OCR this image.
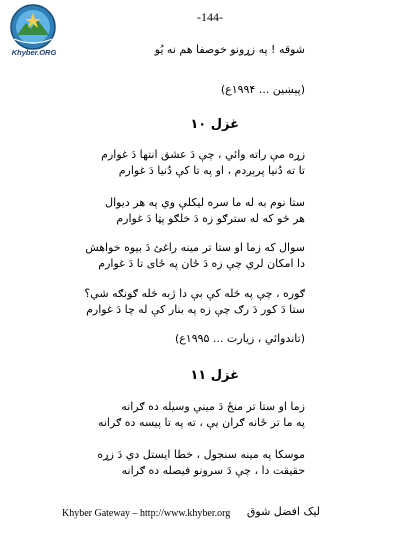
Khyber.ORG
-144-
شوقه ! په زړونو خوصفا هم نه یُو
(پېښين ... ۱۹۹۴ع)
غزل ۱۰
زړه مې راته وائي ، چې دَ عشق انتها دَ غوارم
تا ته دُنيا پرېږدم ، او په تا کې دُنيا دَ غوارم
ستا نوم به له ما سره ليکلې وي په هر ديوال
هر څو که له سترګو زه دَ خلګو پټا دَ غوارم
سوال که زما او ستا تر مينه راغئ دَ بيوه خواهش
دا امکان لري چې زه دَ ځان په ځای تا دَ غوارم
ګوره ، چې په څله کې بې دا ژبه څله ګونګه شي؟
ستا دَ کور دَ رګ چې زه په بنار کې له چا دَ غوارم
(تاندوائي ، زيارت ... ۱۹۹۵ع)
غزل ۱۱
زما او ستا تر منځ دَ مينې وسيله ده ګرانه
په ما تر ځانه ګران يې ، ته په تا پيسه ده ګرانه
موسکا په مينه سنجول ، خطا ايستل دي دَ زړه
حقيقت دا ، چې دَ سرونو فيصله ده ګرانه
Khyber Gateway – http://www.khyber.org ليک افضل شوق
